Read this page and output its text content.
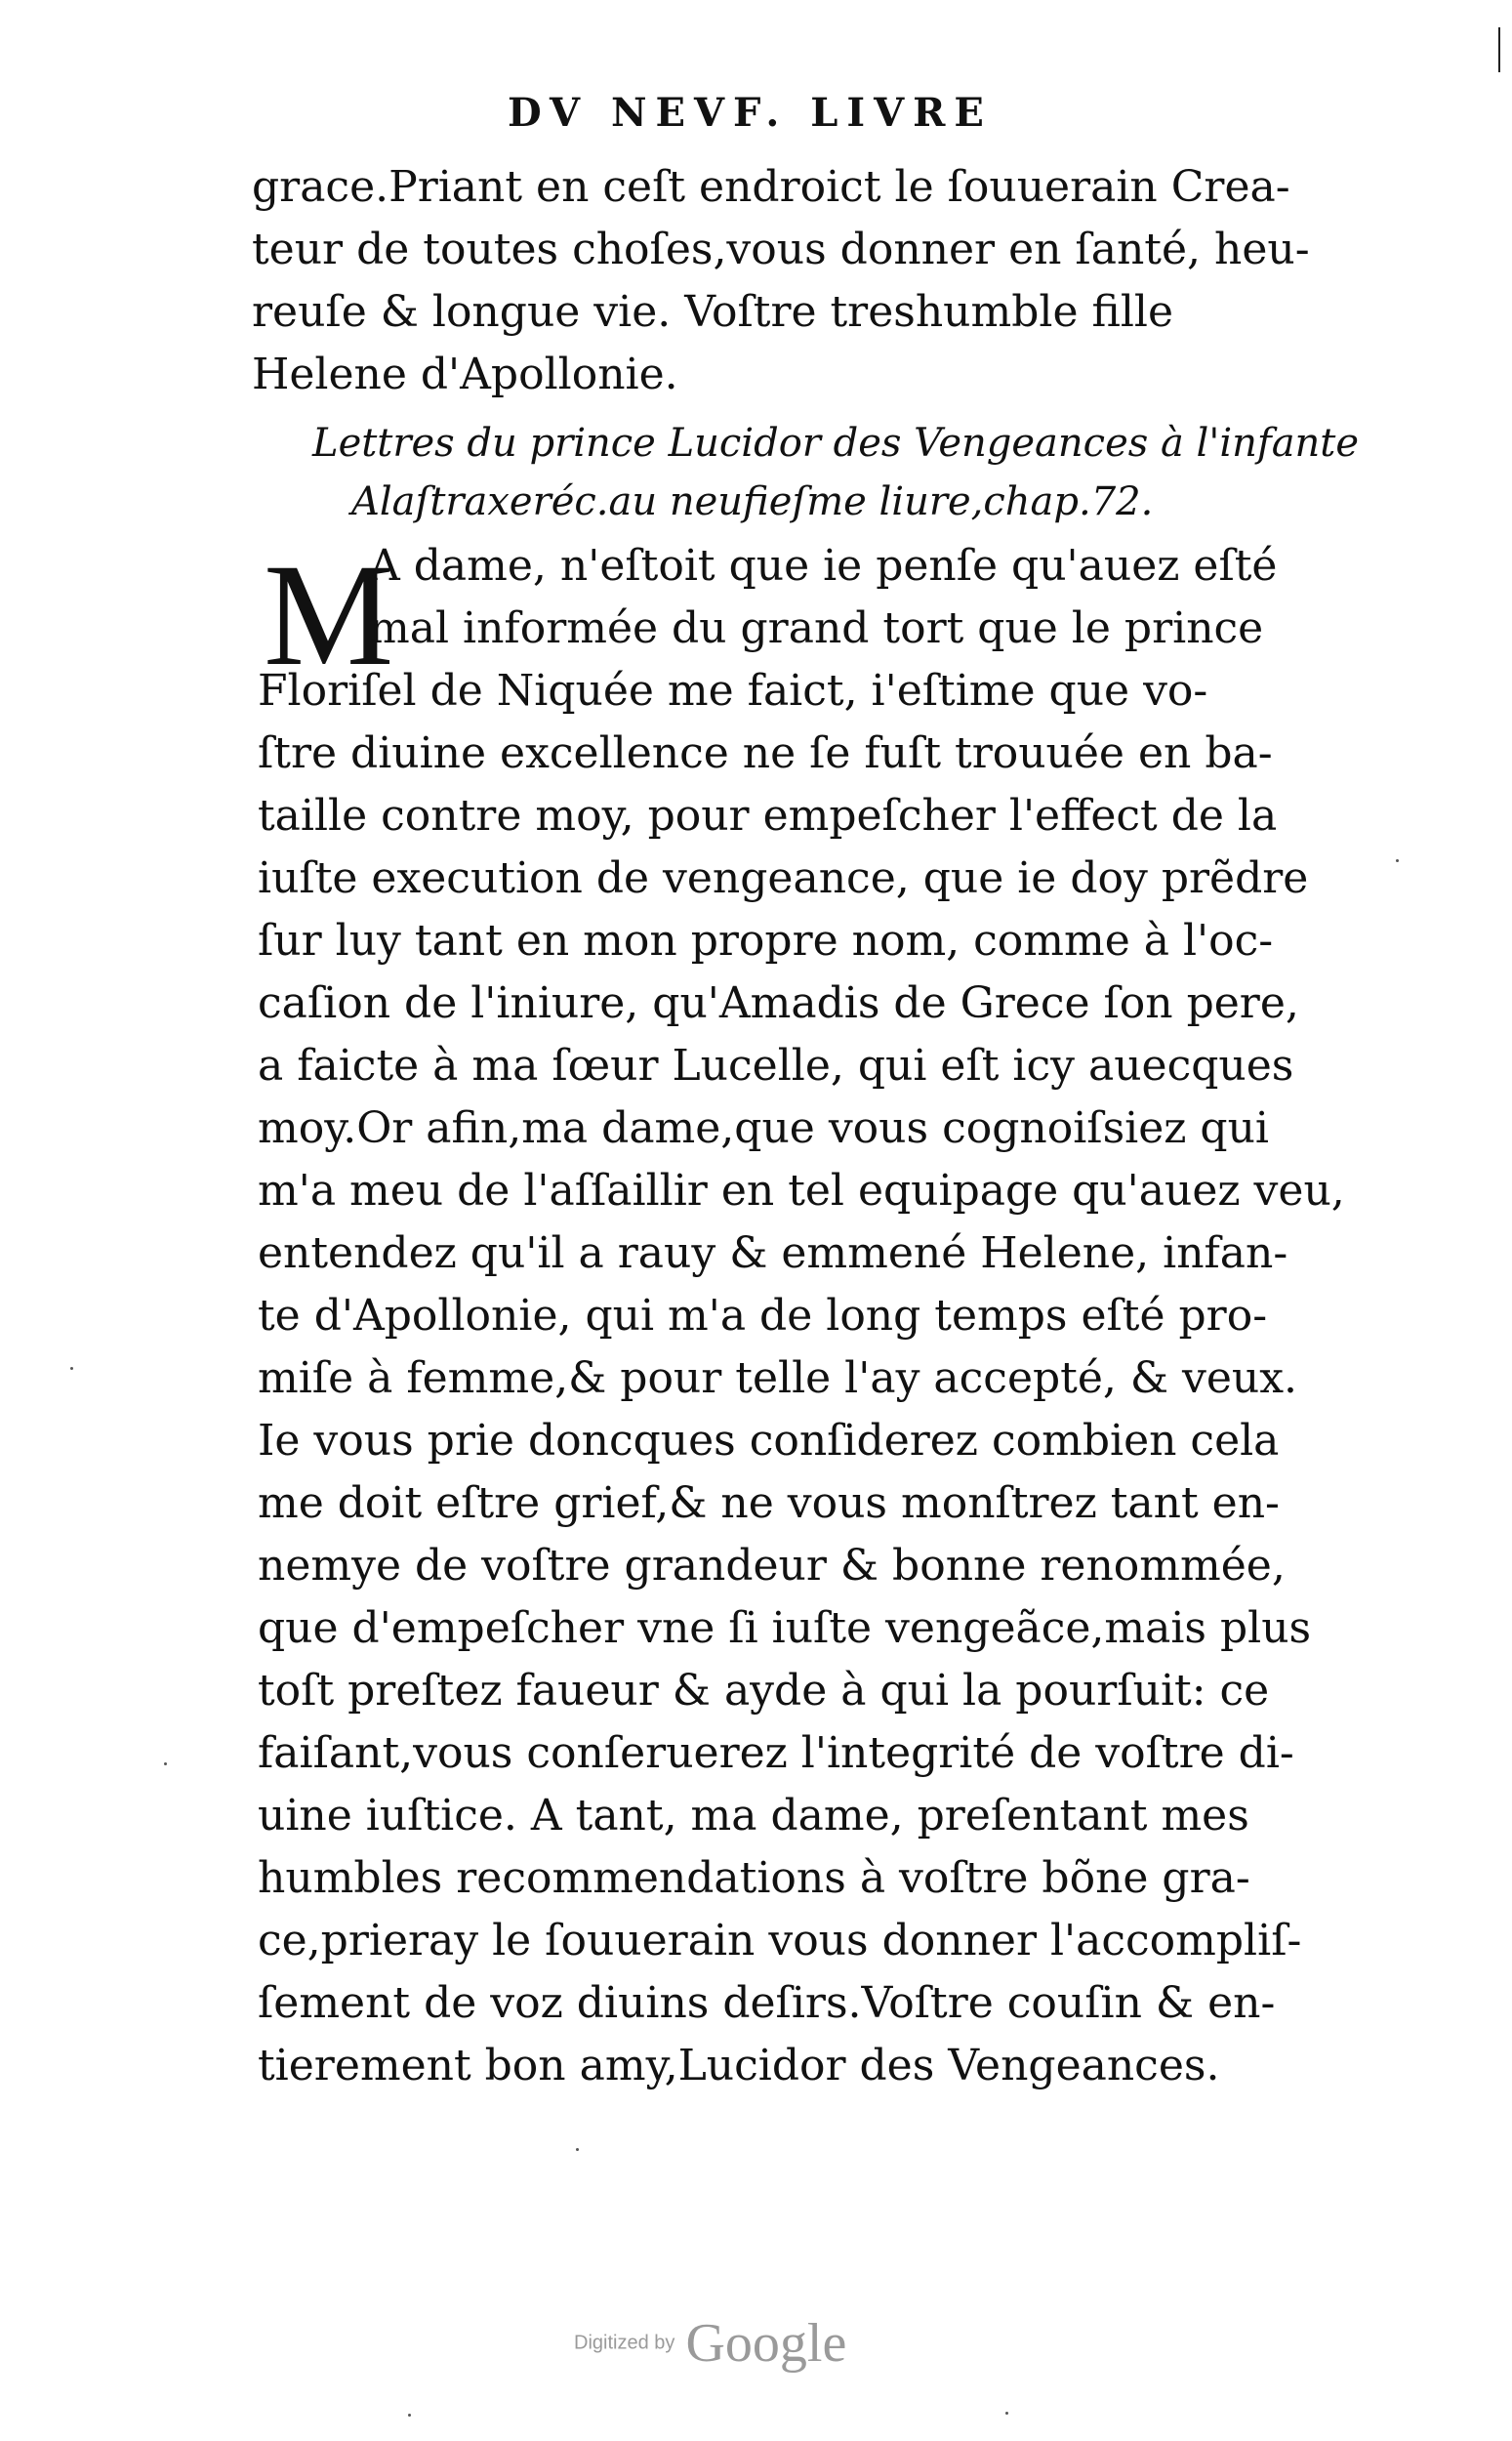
DV NEVF. LIVRE
grace.Priant en ceſt endroict le ſouuerain Crea-
teur de toutes choſes,vous donner en ſanté, heu-
reuſe & longue vie. Voſtre treshumble fille
Helene d'Apollonie.
Lettres du prince Lucidor des Vengeances à l'infante
Alaſtraxeréc.au neufieſme liure,chap.72.
M
A dame, n'eſtoit que ie penſe qu'auez eſté
mal informée du grand tort que le prince
Floriſel de Niquée me faict, i'eſtime que vo-
ſtre diuine excellence ne ſe fuſt trouuée en ba-
taille contre moy, pour empeſcher l'effect de la
iuſte execution de vengeance, que ie doy prẽdre
ſur luy tant en mon propre nom, comme à l'oc-
caſion de l'iniure, qu'Amadis de Grece ſon pere,
a faicte à ma ſœur Lucelle, qui eſt icy auecques
moy.Or afin,ma dame,que vous cognoiſsiez qui
m'a meu de l'aſſaillir en tel equipage qu'auez veu,
entendez qu'il a rauy & emmené Helene, infan-
te d'Apollonie, qui m'a de long temps eſté pro-
miſe à femme,& pour telle l'ay accepté, & veux.
Ie vous prie doncques conſiderez combien cela
me doit eſtre grief,& ne vous monſtrez tant en-
nemye de voſtre grandeur & bonne renommée,
que d'empeſcher vne ſi iuſte vengeãce,mais plus
toſt preſtez faueur & ayde à qui la pourſuit: ce
faiſant,vous conſeruerez l'integrité de voſtre di-
uine iuſtice. A tant, ma dame, preſentant mes
humbles recommendations à voſtre bõne gra-
ce,prieray le ſouuerain vous donner l'accompliſ-
ſement de voz diuins deſirs.Voſtre couſin & en-
tierement bon amy,Lucidor des Vengeances.
Digitized by Google
